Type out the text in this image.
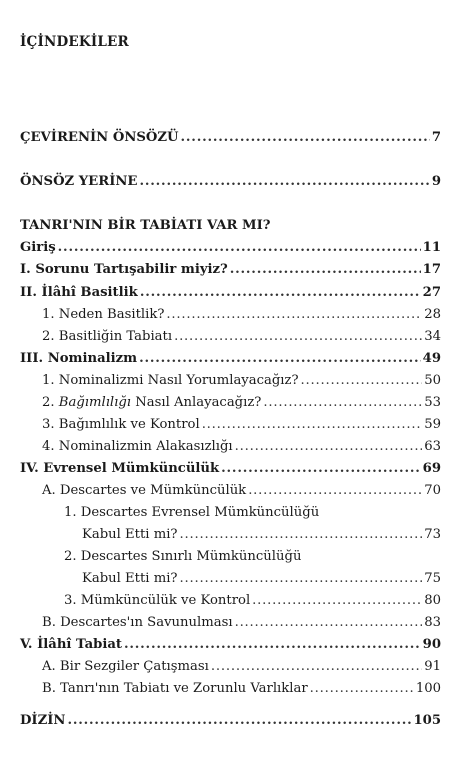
İÇİNDEKİLER
ÇEVİRENİN ÖNSÖZÜ .....	7
ÖNSÖZ YERİNE .....	9
TANRI'NIN BİR TABİATI VAR MI?
Giriş .....	11
I. Sorunu Tartışabilir miyiz? .....	17
II. İlâhî Basitlik .....	27
1. Neden Basitlik? .....	28
2. Basitliğin Tabiatı .....	34
III. Nominalizm .....	49
1. Nominalizmi Nasıl Yorumlayacağız? .....	50
2. Bağımlılığı Nasıl Anlayacağız? .....	53
3. Bağımlılık ve Kontrol .....	59
4. Nominalizmin Alakasızlığı .....	63
IV. Evrensel Mümküncülük .....	69
A. Descartes ve Mümküncülük .....	70
1. Descartes Evrensel Mümküncülüğü
Kabul Etti mi? .....	73
2. Descartes Sınırlı Mümküncülüğü
Kabul Etti mi? .....	75
3. Mümküncülük ve Kontrol .....	80
B. Descartes'ın Savunulması .....	83
V. İlâhî Tabiat .....	90
A. Bir Sezgiler Çatışması .....	91
B. Tanrı'nın Tabiatı ve Zorunlu Varlıklar .....	100
DİZİN .....	105
